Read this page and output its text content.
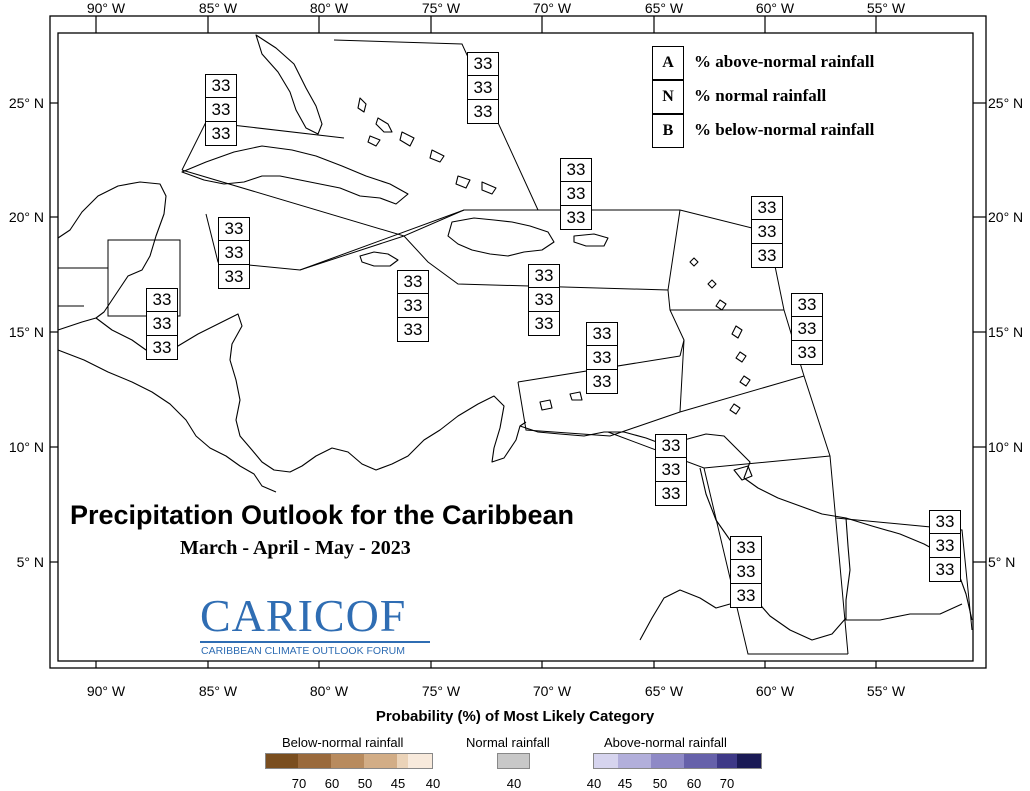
90° W	85° W	80° W	75° W	70° W	65° W	60° W	55° W
90° W	85° W	80° W	75° W	70° W	65° W	60° W	55° W
25° N
20° N
15° N
10° N
5° N
25° N
20° N
15° N
10° N
5° N
33
33
33
33
33
33
33
33
33
33
33
33
33
33
33
33
33
33
33
33
33
33
33
33
33
33
33
33
33
33
33
33
33
33
33
33
33
33
33
A	% above-normal rainfall
N	% normal rainfall
B	% below-normal rainfall
Precipitation Outlook for the Caribbean
March - April - May - 2023
CARICOF
CARIBBEAN CLIMATE OUTLOOK FORUM
Probability (%) of Most Likely Category
Below-normal rainfall	Normal rainfall	Above-normal rainfall
70	60	50	45	40	40	40	45	50	60	70
